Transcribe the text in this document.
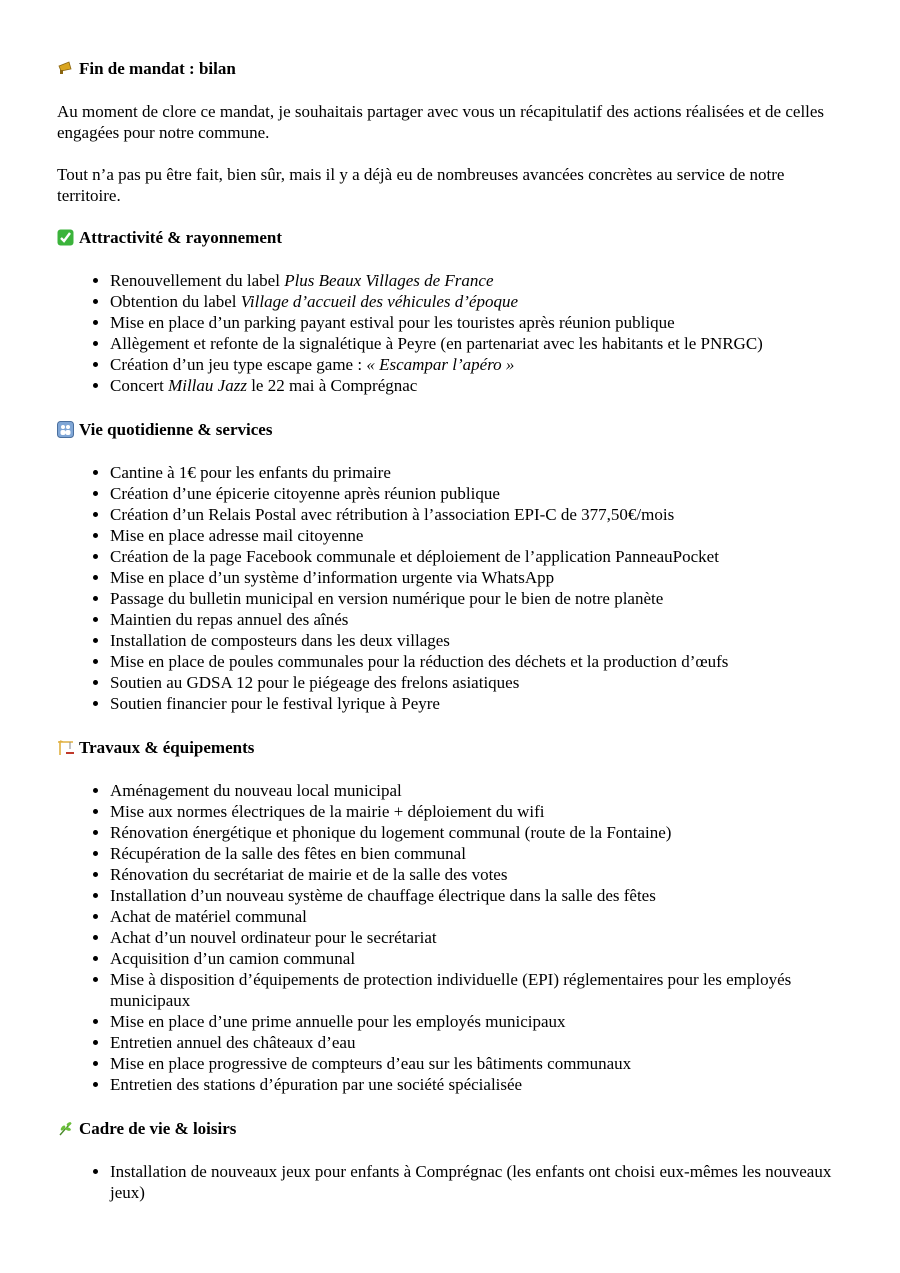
Fin de mandat : bilan

Au moment de clore ce mandat, je souhaitais partager avec vous un récapitulatif des actions réalisées et de celles engagées pour notre commune.

Tout n’a pas pu être fait, bien sûr, mais il y a déjà eu de nombreuses avancées concrètes au service de notre territoire.

Attractivité & rayonnement
• Renouvellement du label Plus Beaux Villages de France
• Obtention du label Village d’accueil des véhicules d’époque
• Mise en place d’un parking payant estival pour les touristes après réunion publique
• Allègement et refonte de la signalétique à Peyre (en partenariat avec les habitants et le PNRGC)
• Création d’un jeu type escape game : « Escampar l’apéro »
• Concert Millau Jazz le 22 mai à Comprégnac
Vie quotidienne & services
• Cantine à 1€ pour les enfants du primaire
• Création d’une épicerie citoyenne après réunion publique
• Création d’un Relais Postal avec rétribution à l’association EPI-C de 377,50€/mois
• Mise en place adresse mail citoyenne
• Création de la page Facebook communale et déploiement de l’application PanneauPocket
• Mise en place d’un système d’information urgente via WhatsApp
• Passage du bulletin municipal en version numérique pour le bien de notre planète
• Maintien du repas annuel des aînés
• Installation de composteurs dans les deux villages
• Mise en place de poules communales pour la réduction des déchets et la production d’œufs
• Soutien au GDSA 12 pour le piégeage des frelons asiatiques
• Soutien financier pour le festival lyrique à Peyre
Travaux & équipements
• Aménagement du nouveau local municipal
• Mise aux normes électriques de la mairie + déploiement du wifi
• Rénovation énergétique et phonique du logement communal (route de la Fontaine)
• Récupération de la salle des fêtes en bien communal
• Rénovation du secrétariat de mairie et de la salle des votes
• Installation d’un nouveau système de chauffage électrique dans la salle des fêtes
• Achat de matériel communal
• Achat d’un nouvel ordinateur pour le secrétariat
• Acquisition d’un camion communal
• Mise à disposition d’équipements de protection individuelle (EPI) réglementaires pour les employés municipaux
• Mise en place d’une prime annuelle pour les employés municipaux
• Entretien annuel des châteaux d’eau
• Mise en place progressive de compteurs d’eau sur les bâtiments communaux
• Entretien des stations d’épuration par une société spécialisée
Cadre de vie & loisirs
• Installation de nouveaux jeux pour enfants à Comprégnac (les enfants ont choisi eux-mêmes les nouveaux jeux)
